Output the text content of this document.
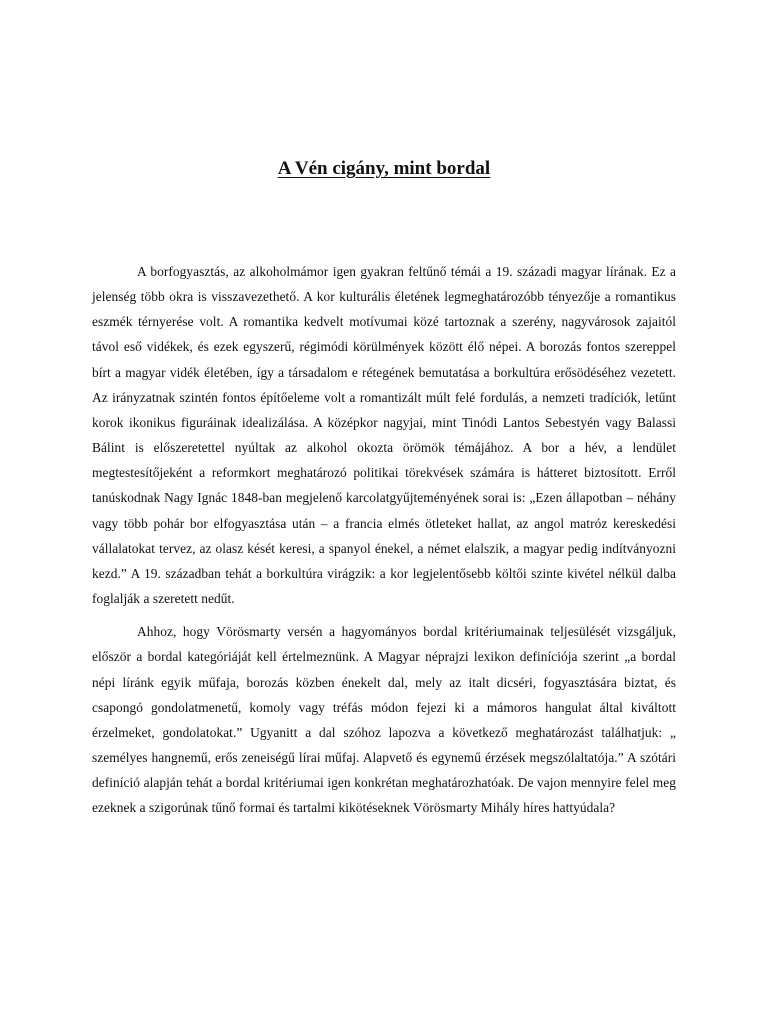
A Vén cigány, mint bordal

A borfogyasztás, az alkoholmámor igen gyakran feltűnő témái a 19. századi magyar lírának. Ez a jelenség több okra is visszavezethető. A kor kulturális életének legmeghatározóbb tényezője a romantikus eszmék térnyerése volt. A romantika kedvelt motívumai közé tartoznak a szerény, nagyvárosok zajaitól távol eső vidékek, és ezek egyszerű, régimódi körülmények között élő népei. A borozás fontos szereppel bírt a magyar vidék életében, így a társadalom e rétegének bemutatása a borkultúra erősödéséhez vezetett. Az irányzatnak szintén fontos építőeleme volt a romantizált múlt felé fordulás, a nemzeti tradíciók, letűnt korok ikonikus figuráinak idealizálása. A középkor nagyjai, mint Tinódi Lantos Sebestyén vagy Balassi Bálint is előszeretettel nyúltak az alkohol okozta örömök témájához. A bor a hév, a lendület megtestesítőjeként a reformkort meghatározó politikai törekvések számára is hátteret biztosított. Erről tanúskodnak Nagy Ignác 1848-ban megjelenő karcolatgyűjteményének sorai is: „Ezen állapotban – néhány vagy több pohár bor elfogyasztása után – a francia elmés ötleteket hallat, az angol matróz kereskedési vállalatokat tervez, az olasz kését keresi, a spanyol énekel, a német elalszik, a magyar pedig indítványozni kezd.” A 19. században tehát a borkultúra virágzik: a kor legjelentősebb költői szinte kivétel nélkül dalba foglalják a szeretett nedűt.

Ahhoz, hogy Vörösmarty versén a hagyományos bordal kritériumainak teljesülését vizsgáljuk, először a bordal kategóriáját kell értelmeznünk. A Magyar néprajzi lexikon definíciója szerint „a bordal népi líránk egyik műfaja, borozás közben énekelt dal, mely az italt dicséri, fogyasztására biztat, és csapongó gondolatmenetű, komoly vagy tréfás módon fejezi ki a mámoros hangulat által kiváltott érzelmeket, gondolatokat.” Ugyanitt a dal szóhoz lapozva a következő meghatározást találhatjuk: „ személyes hangnemű, erős zeneiségű lírai műfaj. Alapvető és egynemű érzések megszólaltatója.” A szótári definíció alapján tehát a bordal kritériumai igen konkrétan meghatározhatóak. De vajon mennyire felel meg ezeknek a szigorúnak tűnő formai és tartalmi kikötéseknek Vörösmarty Mihály híres hattyúdala?
